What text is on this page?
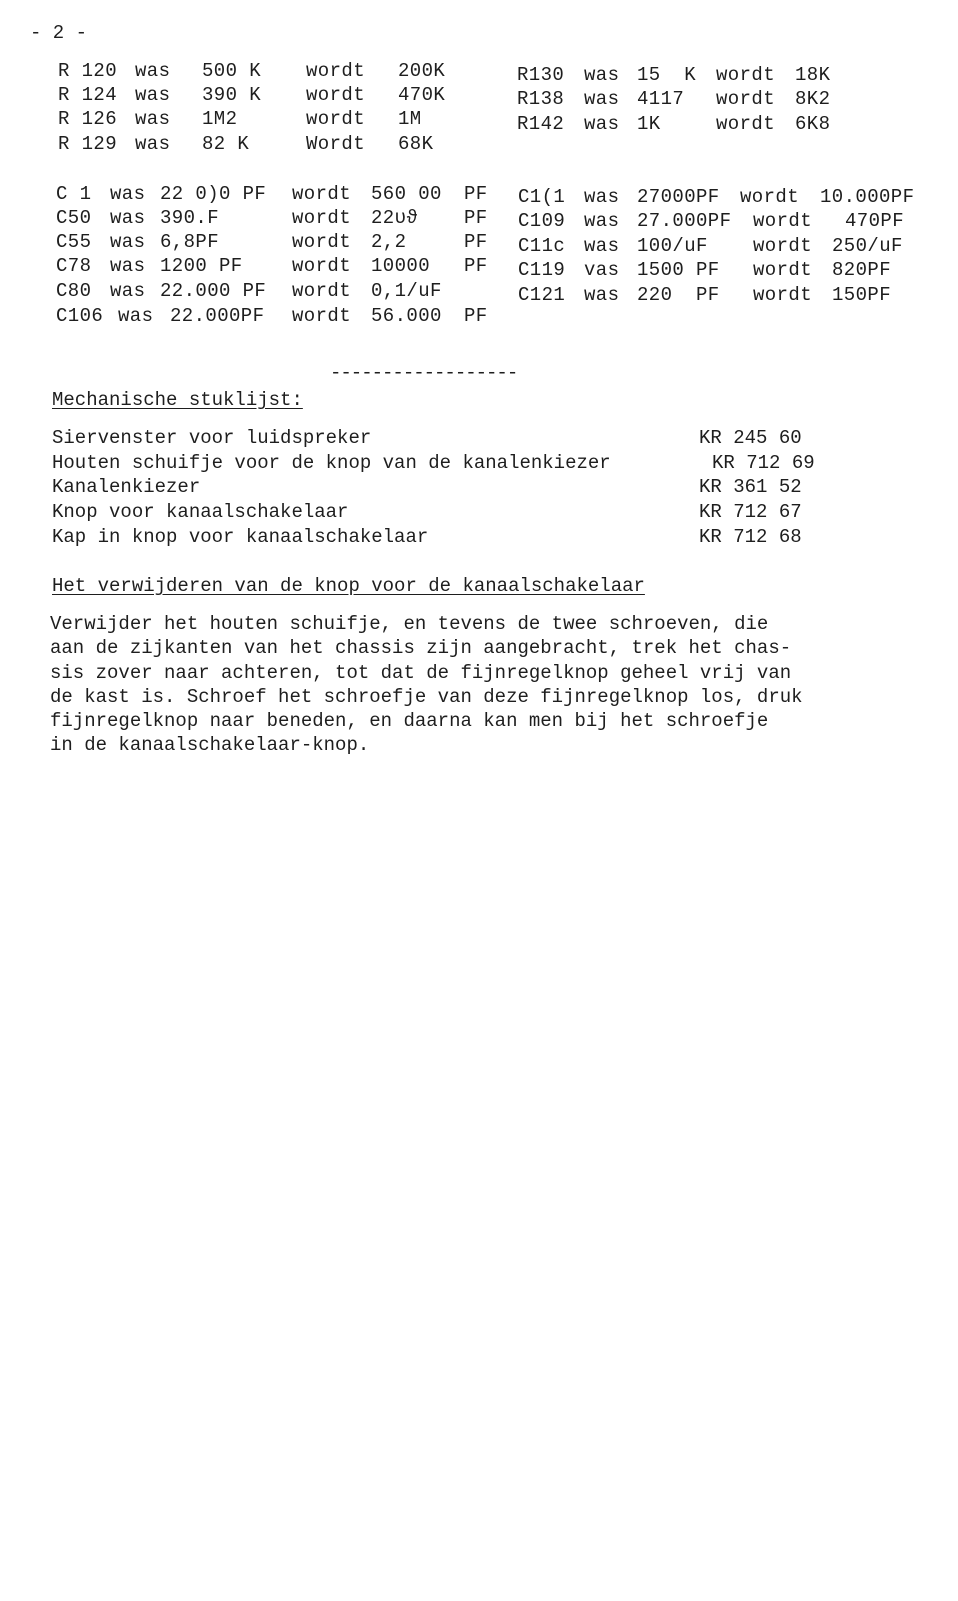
- 2 -
R 120 was 500 K wordt 200K
R 124 was 390 K wordt 470K
R 126 was 1M2	wordt 1M
R 129 was 82 K	Wordt 68K
R130 was 15  K wordt 18K
R138 was 4117 wordt 8K2
R142 was 1K	wordt 6K8
C 1 was 22 0)0 PF wordt 560 00 PF
C50 was 390.F	wordt 22υϑ PF
C55 was 6,8PF	wordt 2,2	PF
C78 was 1200 PF	wordt 10000 PF
C80 was 22.000 PF wordt 0,1/uF
C106 was 22.000PF wordt 56.000 PF
C1(1 was 27000PF wordt 10.000PF
C109 was 27.000PF wordt 470PF
C11ᴄ was 100/uF wordt 250/uF
C119 vas 1500 PF wordt 820PF
C121 was 220  PF wordt 150PF
------------------
Mechanische stuklijst:
Siervenster voor luidspreker	KR 245 60
Houten schuifje voor de knop van de kanalenkiezer	KR 712 69
Kanalenkiezer	KR 361 52
Knop voor kanaalschakelaar	KR 712 67
Kap in knop voor kanaalschakelaar	KR 712 68
Het verwijderen van de knop voor de kanaalschakelaar
Verwijder het houten schuifje, en tevens de twee schroeven, die
aan de zijkanten van het chassis zijn aangebracht, trek het chas-
sis zover naar achteren, tot dat de fijnregelknop geheel vrij van
de kast is. Schroef het schroefje van deze fijnregelknop los, druk
fijnregelknop naar beneden, en daarna kan men bij het schroefje
in de kanaalschakelaar-knop.
